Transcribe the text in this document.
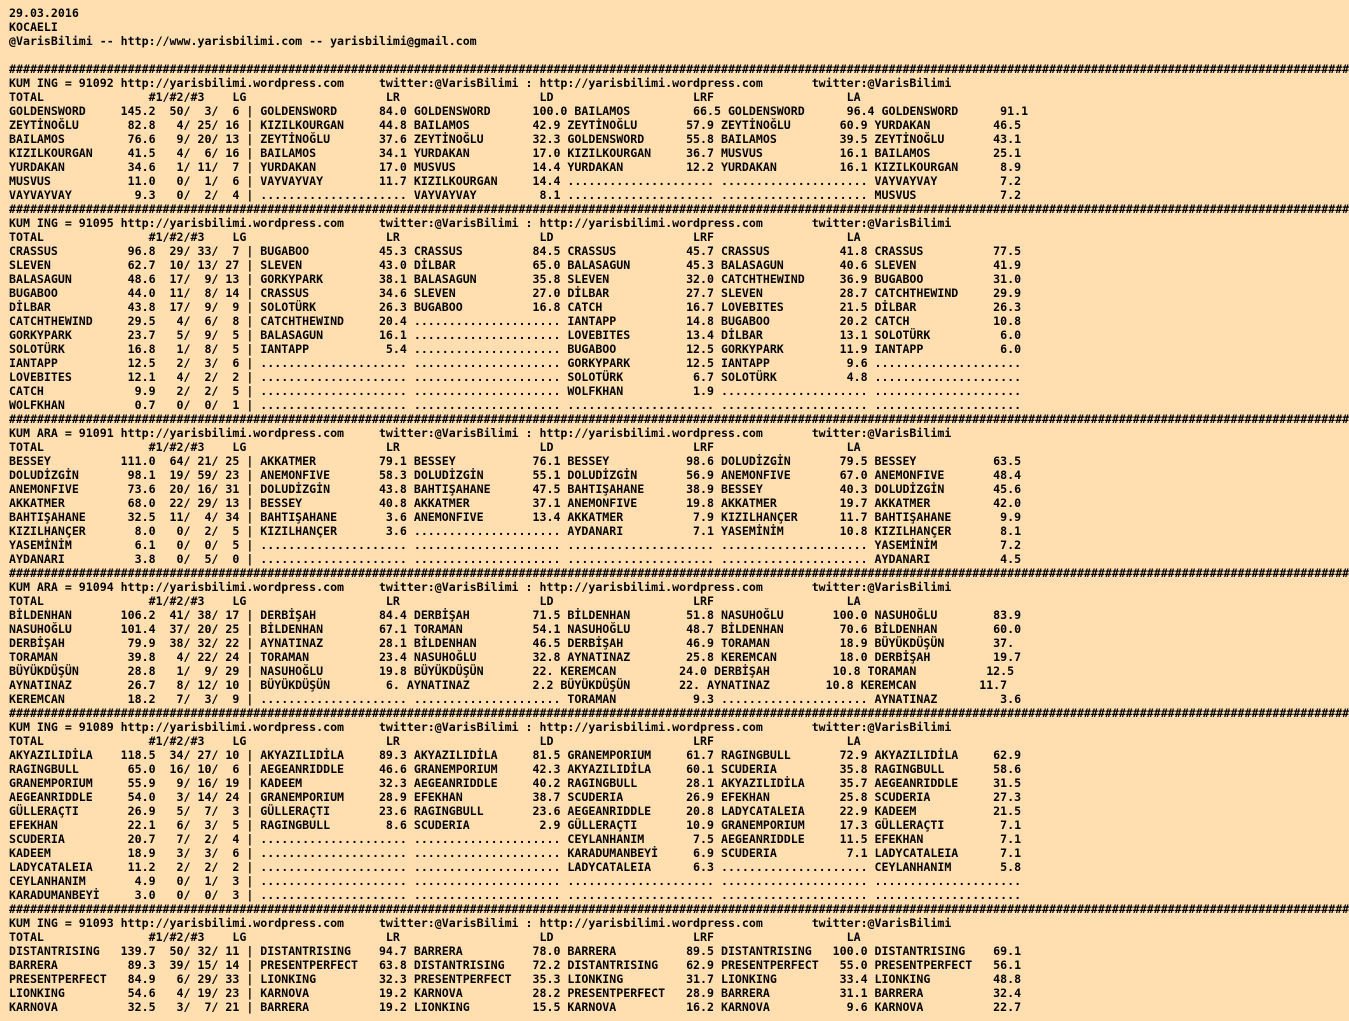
29.03.2016
KOCAELI
@VarisBilimi -- http://www.yarisbilimi.com -- yarisbilimi@gmail.com
################################################################################################################################################################################################
KUM ING = 91092 http://yarisbilimi.wordpress.com     twitter:@VarisBilimi : http://yarisbilimi.wordpress.com       twitter:@VarisBilimi
TOTAL               #1/#2/#3    LG                    LR                    LD                    LRF                   LA
GOLDENSWORD     145.2  50/  3/  6 | GOLDENSWORD      84.0 GOLDENSWORD      100.0 BAILAMOS         66.5 GOLDENSWORD      96.4 GOLDENSWORD      91.1
ZEYTİNOĞLU       82.8   4/ 25/ 16 | KIZILKOURGAN     44.8 BAILAMOS         42.9 ZEYTİNOĞLU       57.9 ZEYTİNOĞLU       60.9 YURDAKAN         46.5
BAILAMOS         76.6   9/ 20/ 13 | ZEYTİNOĞLU       37.6 ZEYTİNOĞLU       32.3 GOLDENSWORD      55.8 BAILAMOS         39.5 ZEYTİNOĞLU       43.1
KIZILKOURGAN     41.5   4/  6/ 16 | BAILAMOS         34.1 YURDAKAN         17.0 KIZILKOURGAN     36.7 MUSVUS           16.1 BAILAMOS         25.1
YURDAKAN         34.6   1/ 11/  7 | YURDAKAN         17.0 MUSVUS           14.4 YURDAKAN         12.2 YURDAKAN         16.1 KIZILKOURGAN      8.9
MUSVUS           11.0   0/  1/  6 | VAYVAYVAY        11.7 KIZILKOURGAN     14.4 ..................... ..................... VAYVAYVAY         7.2
VAYVAYVAY         9.3   0/  2/  4 | ..................... VAYVAYVAY         8.1 ..................... ..................... MUSVUS            7.2
################################################################################################################################################################################################
KUM ING = 91095 http://yarisbilimi.wordpress.com     twitter:@VarisBilimi : http://yarisbilimi.wordpress.com       twitter:@VarisBilimi
TOTAL               #1/#2/#3    LG                    LR                    LD                    LRF                   LA
CRASSUS          96.8  29/ 33/  7 | BUGABOO          45.3 CRASSUS          84.5 CRASSUS          45.7 CRASSUS          41.8 CRASSUS          77.5
SLEVEN           62.7  10/ 13/ 27 | SLEVEN           43.0 DİLBAR           65.0 BALASAGUN        45.3 BALASAGUN        40.6 SLEVEN           41.9
BALASAGUN        48.6  17/  9/ 13 | GORKYPARK        38.1 BALASAGUN        35.8 SLEVEN           32.0 CATCHTHEWIND     36.9 BUGABOO          31.0
BUGABOO          44.0  11/  8/ 14 | CRASSUS          34.6 SLEVEN           27.0 DİLBAR           27.7 SLEVEN           28.7 CATCHTHEWIND     29.9
DİLBAR           43.8  17/  9/  9 | SOLOTÜRK         26.3 BUGABOO          16.8 CATCH            16.7 LOVEBITES        21.5 DİLBAR           26.3
CATCHTHEWIND     29.5   4/  6/  8 | CATCHTHEWIND     20.4 ..................... IANTAPP          14.8 BUGABOO          20.2 CATCH            10.8
GORKYPARK        23.7   5/  9/  5 | BALASAGUN        16.1 ..................... LOVEBITES        13.4 DİLBAR           13.1 SOLOTÜRK          6.0
SOLOTÜRK         16.8   1/  8/  5 | IANTAPP           5.4 ..................... BUGABOO          12.5 GORKYPARK        11.9 IANTAPP           6.0
IANTAPP          12.5   2/  3/  6 | ..................... ..................... GORKYPARK        12.5 IANTAPP           9.6 .....................
LOVEBITES        12.1   4/  2/  2 | ..................... ..................... SOLOTÜRK          6.7 SOLOTÜRK          4.8 .....................
CATCH             9.9   2/  2/  5 | ..................... ..................... WOLFKHAN          1.9 ..................... .....................
WOLFKHAN          0.7   0/  0/  1 | ..................... ..................... ..................... ..................... .....................
################################################################################################################################################################################################
KUM ARA = 91091 http://yarisbilimi.wordpress.com     twitter:@VarisBilimi : http://yarisbilimi.wordpress.com       twitter:@VarisBilimi
TOTAL               #1/#2/#3    LG                    LR                    LD                    LRF                   LA
BESSEY          111.0  64/ 21/ 25 | AKKATMER         79.1 BESSEY           76.1 BESSEY           98.6 DOLUDİZGİN       79.5 BESSEY           63.5
DOLUDİZGİN       98.1  19/ 59/ 23 | ANEMONFIVE       58.3 DOLUDİZGİN       55.1 DOLUDİZGİN       56.9 ANEMONFIVE       67.0 ANEMONFIVE       48.4
ANEMONFIVE       73.6  20/ 16/ 31 | DOLUDİZGİN       43.8 BAHTIŞAHANE      47.5 BAHTIŞAHANE      38.9 BESSEY           40.3 DOLUDİZGİN       45.6
AKKATMER         68.0  22/ 29/ 13 | BESSEY           40.8 AKKATMER         37.1 ANEMONFIVE       19.8 AKKATMER         19.7 AKKATMER         42.0
BAHTIŞAHANE      32.5  11/  4/ 34 | BAHTIŞAHANE       3.6 ANEMONFIVE       13.4 AKKATMER          7.9 KIZILHANÇER      11.7 BAHTIŞAHANE       9.9
KIZILHANÇER       8.0   0/  2/  5 | KIZILHANÇER       3.6 ..................... AYDANARI          7.1 YASEMİNİM        10.8 KIZILHANÇER       8.1
YASEMİNİM         6.1   0/  0/  5 | ..................... ..................... ..................... ..................... YASEMİNİM         7.2
AYDANARI          3.8   0/  5/  0 | ..................... ..................... ..................... ..................... AYDANARI          4.5
################################################################################################################################################################################################
KUM ARA = 91094 http://yarisbilimi.wordpress.com     twitter:@VarisBilimi : http://yarisbilimi.wordpress.com       twitter:@VarisBilimi
TOTAL               #1/#2/#3    LG                    LR                    LD                    LRF                   LA
BİLDENHAN       106.2  41/ 38/ 17 | DERBİŞAH         84.4 DERBİŞAH         71.5 BİLDENHAN        51.8 NASUHOĞLU       100.0 NASUHOĞLU        83.9
NASUHOĞLU       101.4  37/ 20/ 25 | BİLDENHAN        67.1 TORAMAN          54.1 NASUHOĞLU        48.7 BİLDENHAN        70.6 BİLDENHAN        60.0
DERBİŞAH         79.9  38/ 32/ 22 | AYNATINAZ        28.1 BİLDENHAN        46.5 DERBİŞAH         46.9 TORAMAN          18.9 BÜYÜKDÜŞÜN       37.
TORAMAN          39.8   4/ 22/ 24 | TORAMAN          23.4 NASUHOĞLU        32.8 AYNATINAZ        25.8 KEREMCAN         18.0 DERBİŞAH         19.7
BÜYÜKDÜŞÜN       28.8   1/  9/ 29 | NASUHOĞLU        19.8 BÜYÜKDÜŞÜN       22. KEREMCAN         24.0 DERBİŞAH         10.8 TORAMAN          12.5
AYNATINAZ        26.7   8/ 12/ 10 | BÜYÜKDÜŞÜN        6. AYNATINAZ         2.2 BÜYÜKDÜŞÜN       22. AYNATINAZ        10.8 KEREMCAN         11.7
KEREMCAN         18.2   7/  3/  9 | ..................... ..................... TORAMAN           9.3 ..................... AYNATINAZ         3.6
################################################################################################################################################################################################
KUM ING = 91089 http://yarisbilimi.wordpress.com     twitter:@VarisBilimi : http://yarisbilimi.wordpress.com       twitter:@VarisBilimi
TOTAL               #1/#2/#3    LG                    LR                    LD                    LRF                   LA
AKYAZILIDİLA    118.5  34/ 27/ 10 | AKYAZILIDİLA     89.3 AKYAZILIDİLA     81.5 GRANEMPORIUM     61.7 RAGINGBULL       72.9 AKYAZILIDİLA     62.9
RAGINGBULL       65.0  16/ 10/  6 | AEGEANRIDDLE     46.6 GRANEMPORIUM     42.3 AKYAZILIDİLA     60.1 SCUDERIA         35.8 RAGINGBULL       58.6
GRANEMPORIUM     55.9   9/ 16/ 19 | KADEEM           32.3 AEGEANRIDDLE     40.2 RAGINGBULL       28.1 AKYAZILIDİLA     35.7 AEGEANRIDDLE     31.5
AEGEANRIDDLE     54.0   3/ 14/ 24 | GRANEMPORIUM     28.9 EFEKHAN          38.7 SCUDERIA         26.9 EFEKHAN          25.8 SCUDERIA         27.3
GÜLLERAÇTI       26.9   5/  7/  3 | GÜLLERAÇTI       23.6 RAGINGBULL       23.6 AEGEANRIDDLE     20.8 LADYCATALEIA     22.9 KADEEM           21.5
EFEKHAN          22.1   6/  3/  5 | RAGINGBULL        8.6 SCUDERIA          2.9 GÜLLERAÇTI       10.9 GRANEMPORIUM     17.3 GÜLLERAÇTI        7.1
SCUDERIA         20.7   7/  2/  4 | ..................... ..................... CEYLANHANIM       7.5 AEGEANRIDDLE     11.5 EFEKHAN           7.1
KADEEM           18.9   3/  3/  6 | ..................... ..................... KARADUMANBEYİ     6.9 SCUDERIA          7.1 LADYCATALEIA      7.1
LADYCATALEIA     11.2   2/  2/  2 | ..................... ..................... LADYCATALEIA      6.3 ..................... CEYLANHANIM       5.8
CEYLANHANIM       4.9   0/  1/  3 | ..................... ..................... ..................... ..................... .....................
KARADUMANBEYİ     3.0   0/  0/  3 | ..................... ..................... ..................... ..................... .....................
################################################################################################################################################################################################
KUM ING = 91093 http://yarisbilimi.wordpress.com     twitter:@VarisBilimi : http://yarisbilimi.wordpress.com       twitter:@VarisBilimi
TOTAL               #1/#2/#3    LG                    LR                    LD                    LRF                   LA
DISTANTRISING   139.7  50/ 32/ 11 | DISTANTRISING    94.7 BARRERA          78.0 BARRERA          89.5 DISTANTRISING   100.0 DISTANTRISING    69.1
BARRERA          89.3  39/ 15/ 14 | PRESENTPERFECT   63.8 DISTANTRISING    72.2 DISTANTRISING    62.9 PRESENTPERFECT   55.0 PRESENTPERFECT   56.1
PRESENTPERFECT   84.9   6/ 29/ 33 | LIONKING         32.3 PRESENTPERFECT   35.3 LIONKING         31.7 LIONKING         33.4 LIONKING         48.8
LIONKING         54.6   4/ 19/ 23 | KARNOVA          19.2 KARNOVA          28.2 PRESENTPERFECT   28.9 BARRERA          31.1 BARRERA          32.4
KARNOVA          32.5   3/  7/ 21 | BARRERA          19.2 LIONKING         15.5 KARNOVA          16.2 KARNOVA           9.6 KARNOVA          22.7
